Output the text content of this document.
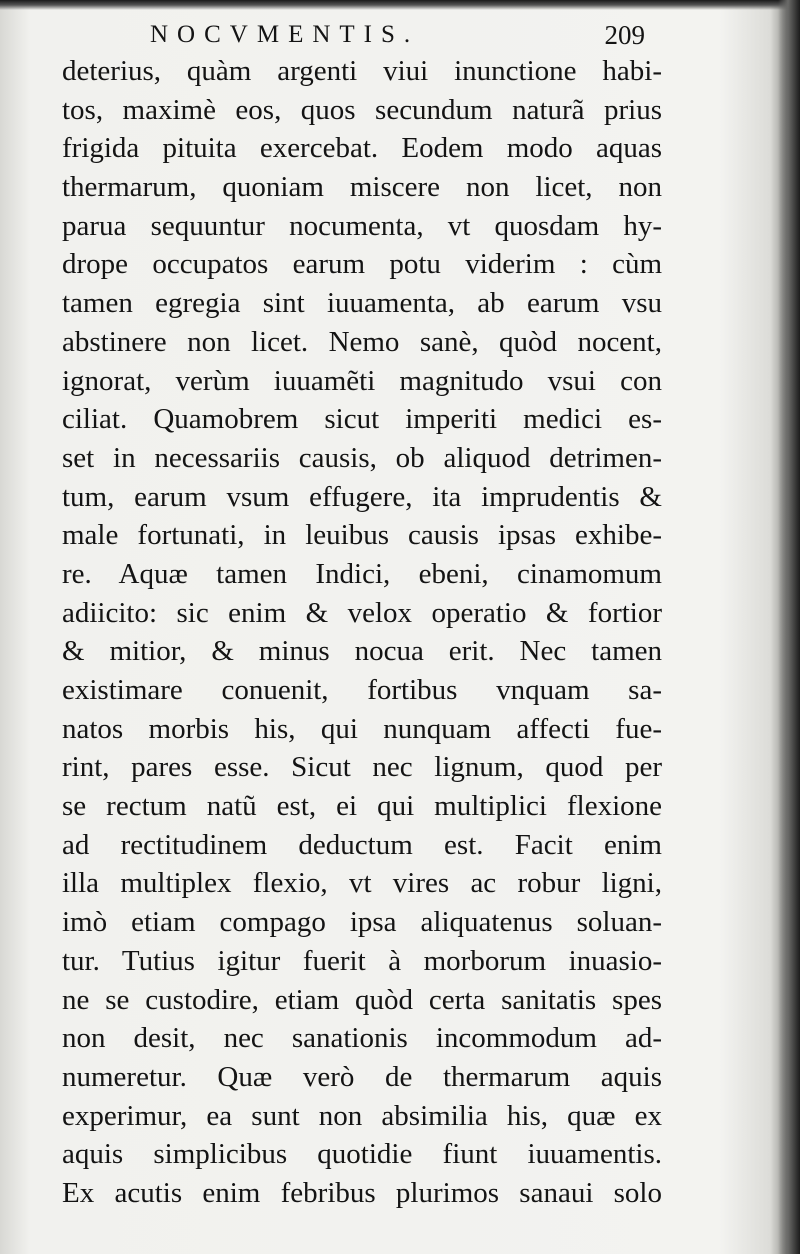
NOCVMENTIS.	209
deterius, quàm argenti viui inunctione habi-
tos, maximè eos, quos secundum naturã prius
frigida pituita exercebat. Eodem modo aquas
thermarum, quoniam miscere non licet, non
parua sequuntur nocumenta, vt quosdam hy-
drope occupatos earum potu viderim : cùm
tamen egregia sint iuuamenta, ab earum vsu
abstinere non licet. Nemo sanè, quòd nocent,
ignorat, verùm iuuamẽti magnitudo vsui con
ciliat. Quamobrem sicut imperiti medici es-
set in necessariis causis, ob aliquod detrimen-
tum, earum vsum effugere, ita imprudentis &
male fortunati, in leuibus causis ipsas exhibe-
re. Aquæ tamen Indici, ebeni, cinamomum
adiicito: sic enim & velox operatio & fortior
& mitior, & minus nocua erit. Nec tamen
existimare conuenit, fortibus vnquam sa-
natos morbis his, qui nunquam affecti fue-
rint, pares esse. Sicut nec lignum, quod per
se rectum natũ est, ei qui multiplici flexione
ad rectitudinem deductum est. Facit enim
illa multiplex flexio, vt vires ac robur ligni,
imò etiam compago ipsa aliquatenus soluan-
tur. Tutius igitur fuerit à morborum inuasio-
ne se custodire, etiam quòd certa sanitatis spes
non desit, nec sanationis incommodum ad-
numeretur. Quæ verò de thermarum aquis
experimur, ea sunt non absimilia his, quæ ex
aquis simplicibus quotidie fiunt iuuamentis.
Ex acutis enim febribus plurimos sanaui solo
